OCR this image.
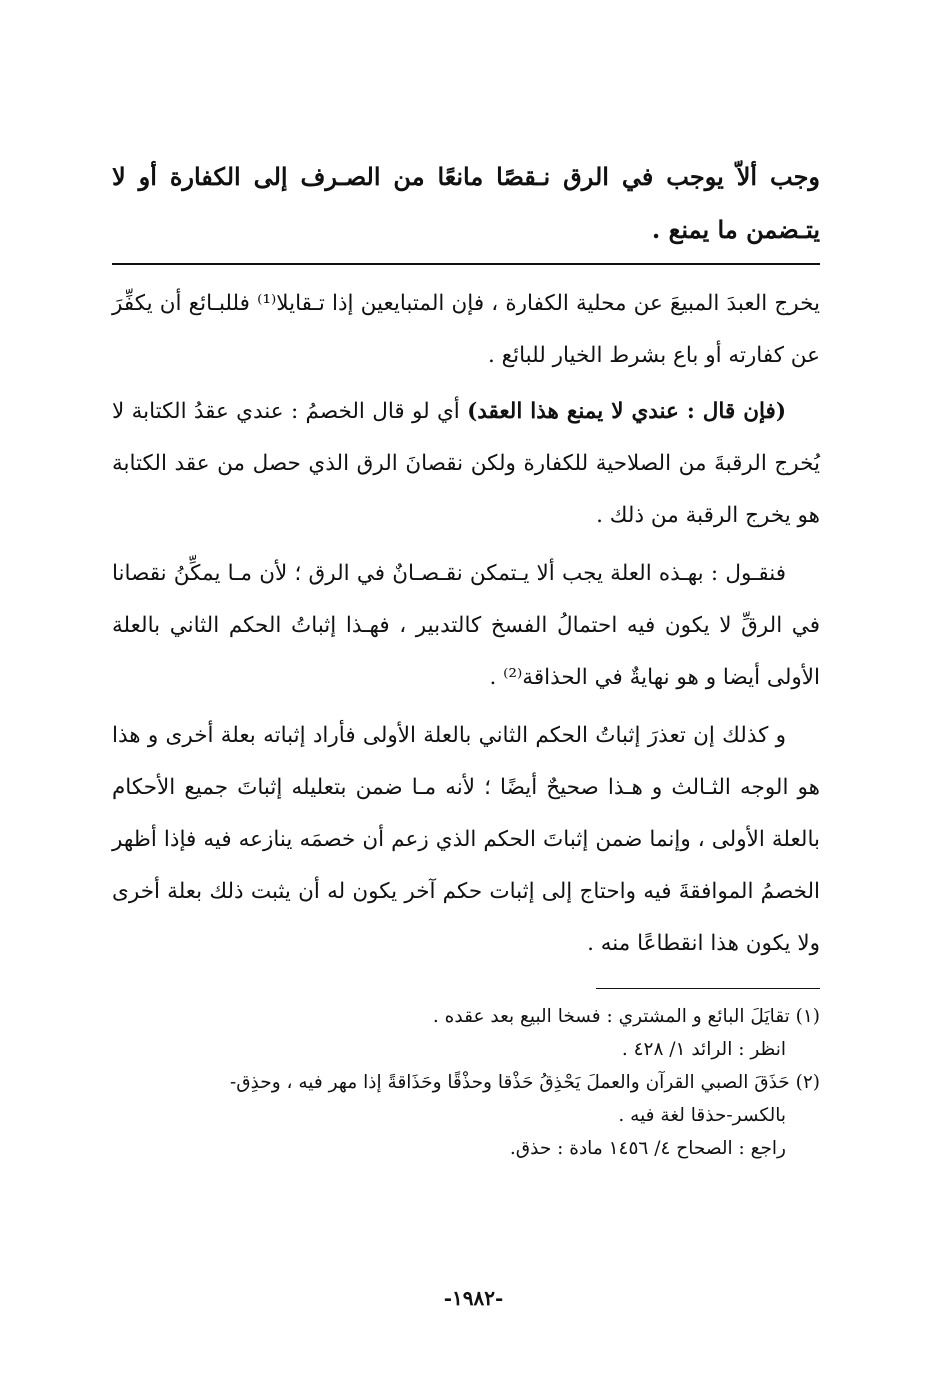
وجب ألاّ يوجب في الرق نـقصًا مانعًا من الصـرف إلى الكفارة أو لا يتـضمن ما يمنع .

يخرج العبدَ المبيعَ عن محلية الكفارة ، فإن المتبايعين إذا تـقايلا⁽¹⁾ فللبـائع أن يكفِّرَ عن كفارته أو باع بشرط الخيار للبائع .

(فإن قال : عندي لا يمنع هذا العقد) أي لو قال الخصمُ : عندي عقدُ الكتابة لا يُخرج الرقبةَ من الصلاحية للكفارة ولكن نقصانَ الرق الذي حصل من عقد الكتابة هو يخرج الرقبة من ذلك .

فنقـول : بهـذه العلة يجب ألا يـتمكن نقـصـانٌ في الرق ؛ لأن مـا يمكِّنُ نقصانا في الرقِّ لا يكون فيه احتمالُ الفسخ كالتدبير ، فهـذا إثباتُ الحكم الثاني بالعلة الأولى أيضا و هو نهايةٌ في الحذاقة⁽²⁾ .

و كذلك إن تعذرَ إثباتُ الحكم الثاني بالعلة الأولى فأراد إثباته بعلة أخرى و هذا هو الوجه الثـالث و هـذا صحيحٌ أيضًا ؛ لأنه مـا ضمن بتعليله إثباتَ جميع الأحكام بالعلة الأولى ، وإنما ضمن إثباتَ الحكم الذي زعم أن خصمَه ينازعه فيه فإذا أظهر الخصمُ الموافقةَ فيه واحتاج إلى إثبات حكم آخر يكون له أن يثبت ذلك بعلة أخرى ولا يكون هذا انقطاعًا منه .

(١) تقايَلَ البائع و المشتري : فسخا البيع بعد عقده .
انظر : الرائد ١/ ٤٢٨ .
(٢) حَذَقَ الصبي القرآن والعملَ يَحْذِقُ حَذْقا وحذْقًا وحَذَاقةً إذا مهر فيه ، وحذِق-
بالكسر-حذقا لغة فيه .
راجع : الصحاح ٤/ ١٤٥٦ مادة : حذق.
-١٩٨٢-
